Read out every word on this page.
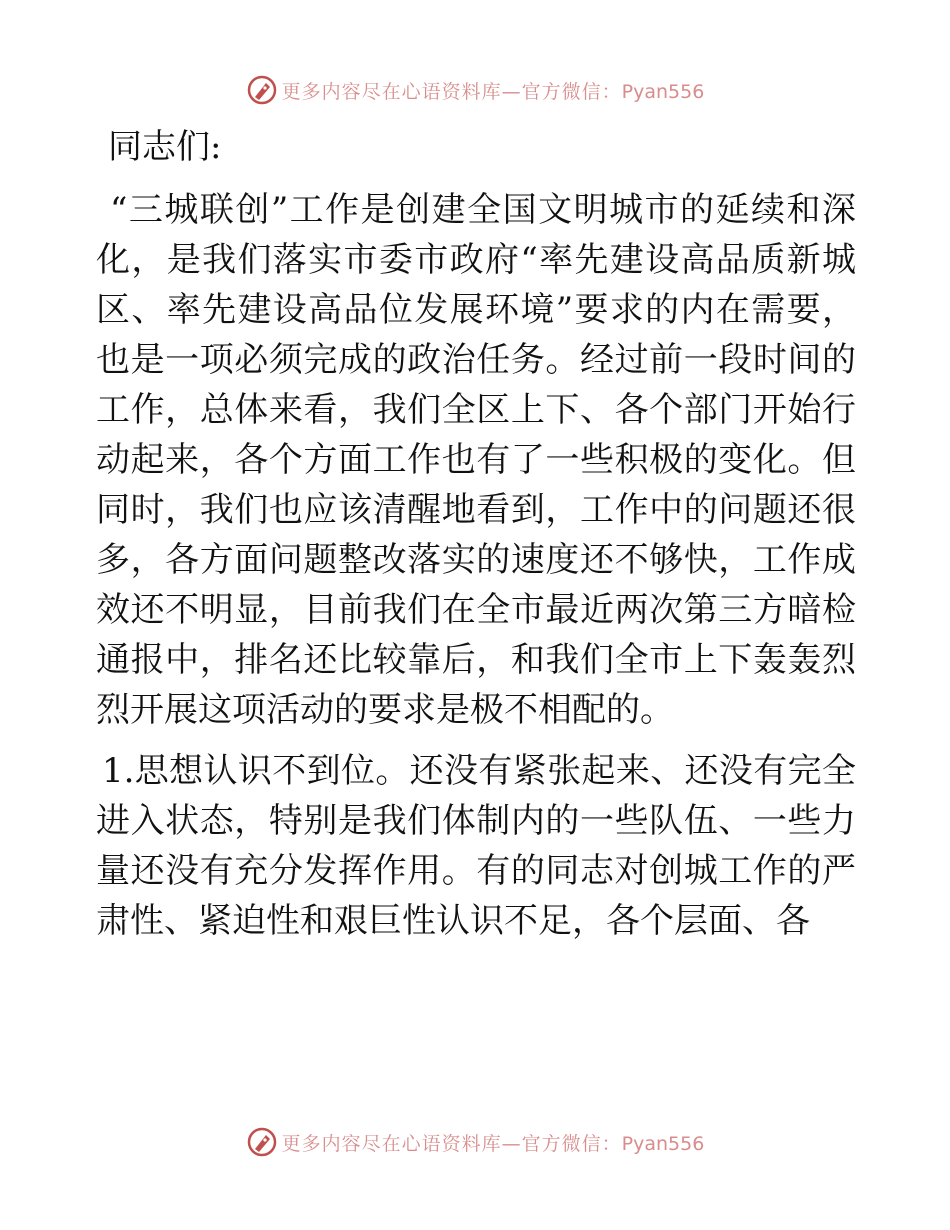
更多内容尽在心语资料库—官方微信：Pyan556

同志们:

“三城联创”工作是创建全国文明城市的延续和深化，是我们落实市委市政府“率先建设高品质新城区、率先建设高品位发展环境”要求的内在需要，也是一项必须完成的政治任务。经过前一段时间的工作，总体来看，我们全区上下、各个部门开始行动起来，各个方面工作也有了一些积极的变化。但同时，我们也应该清醒地看到，工作中的问题还很多，各方面问题整改落实的速度还不够快，工作成效还不明显，目前我们在全市最近两次第三方暗检通报中，排名还比较靠后，和我们全市上下轰轰烈烈开展这项活动的要求是极不相配的。

1.思想认识不到位。还没有紧张起来、还没有完全进入状态，特别是我们体制内的一些队伍、一些力量还没有充分发挥作用。有的同志对创城工作的严肃性、紧迫性和艰巨性认识不足，各个层面、各

更多内容尽在心语资料库—官方微信：Pyan556
